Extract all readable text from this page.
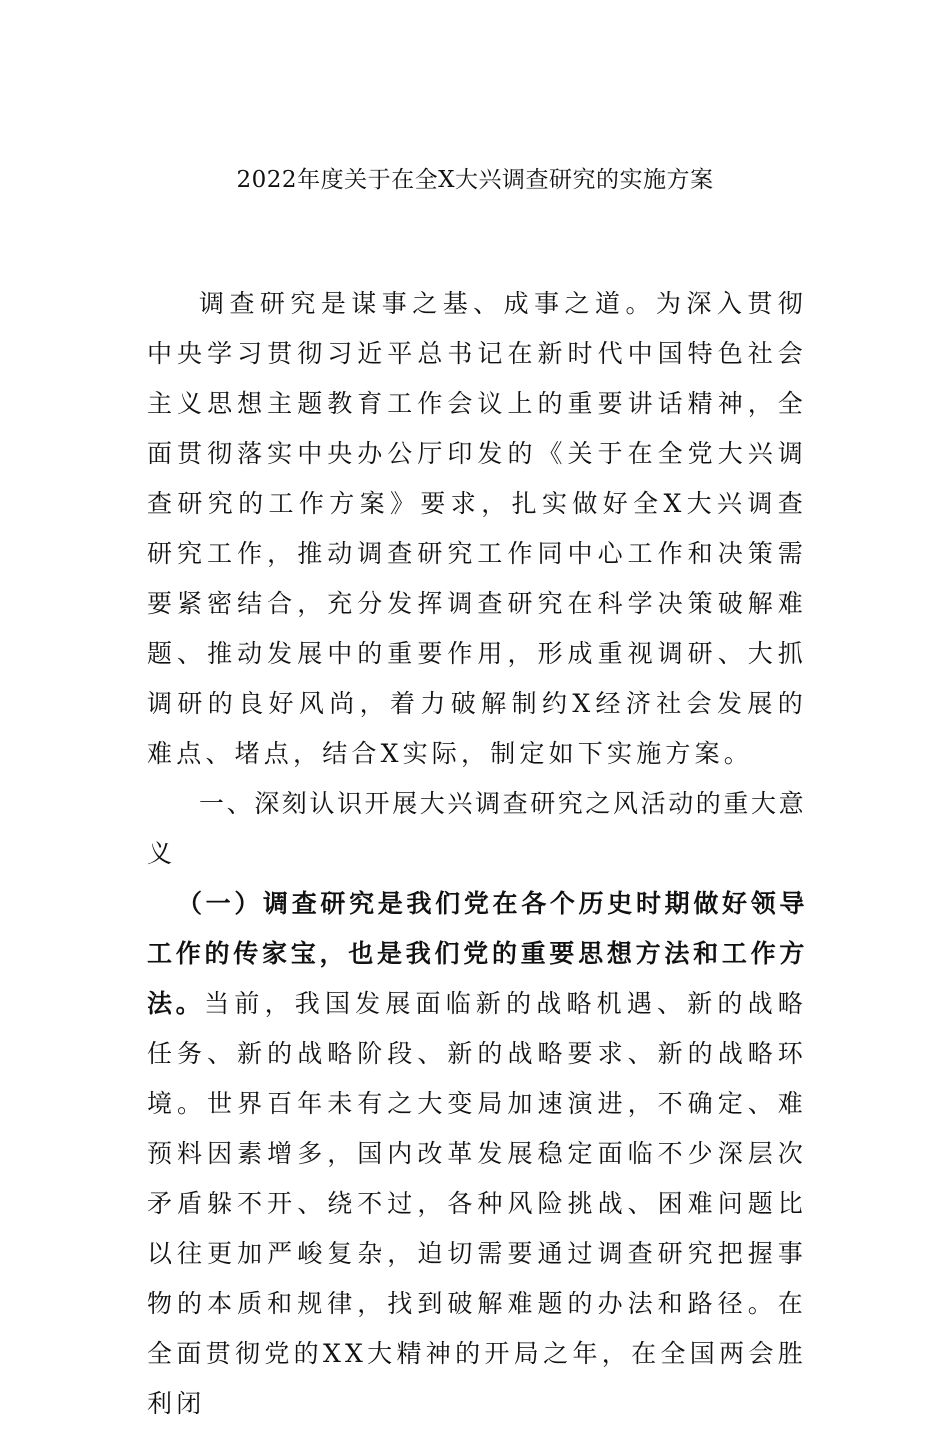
2022年度关于在全X大兴调查研究的实施方案

调查研究是谋事之基、成事之道。为深入贯彻中央学习贯彻习近平总书记在新时代中国特色社会主义思想主题教育工作会议上的重要讲话精神，全面贯彻落实中央办公厅印发的《关于在全党大兴调查研究的工作方案》要求，扎实做好全X大兴调查研究工作，推动调查研究工作同中心工作和决策需要紧密结合，充分发挥调查研究在科学决策破解难题、推动发展中的重要作用，形成重视调研、大抓调研的良好风尚，着力破解制约X经济社会发展的难点、堵点，结合X实际，制定如下实施方案。

一、深刻认识开展大兴调查研究之风活动的重大意义

（一）调查研究是我们党在各个历史时期做好领导工作的传家宝，也是我们党的重要思想方法和工作方法。当前，我国发展面临新的战略机遇、新的战略任务、新的战略阶段、新的战略要求、新的战略环境。世界百年未有之大变局加速演进，不确定、难预料因素增多，国内改革发展稳定面临不少深层次矛盾躲不开、绕不过，各种风险挑战、困难问题比以往更加严峻复杂，迫切需要通过调查研究把握事物的本质和规律，找到破解难题的办法和路径。在全面贯彻党的XX大精神的开局之年，在全国两会胜利闭
